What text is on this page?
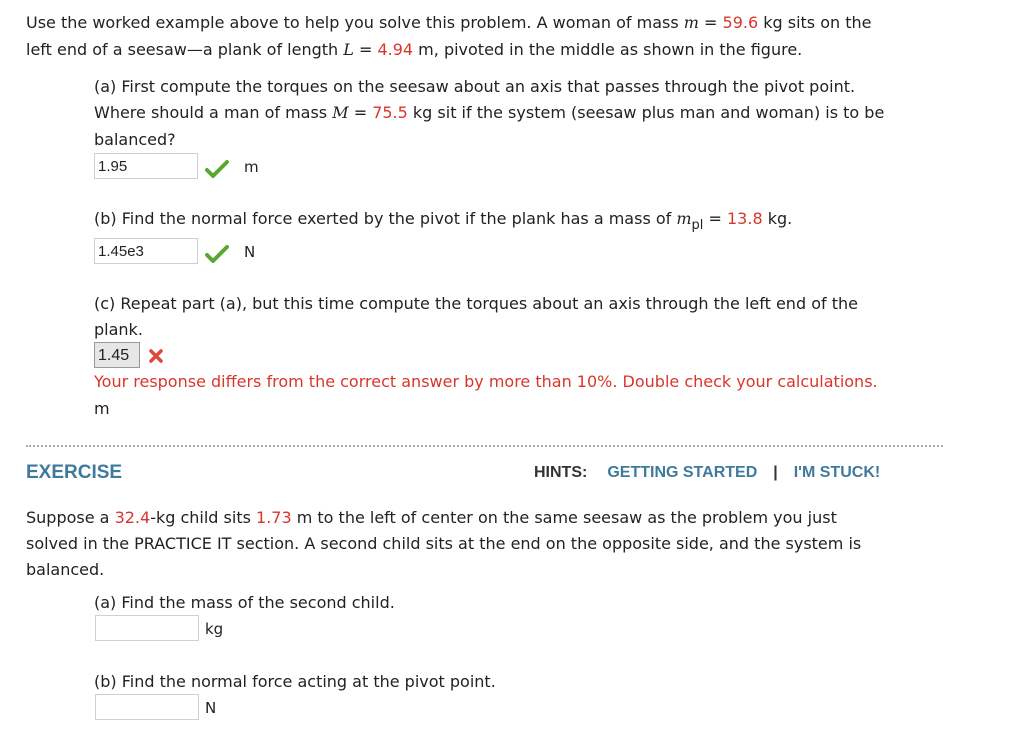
Use the worked example above to help you solve this problem. A woman of mass m = 59.6 kg sits on the
left end of a seesaw—a plank of length L = 4.94 m, pivoted in the middle as shown in the figure.
(a) First compute the torques on the seesaw about an axis that passes through the pivot point.
Where should a man of mass M = 75.5 kg sit if the system (seesaw plus man and woman) is to be
balanced?
1.95	m
(b) Find the normal force exerted by the pivot if the plank has a mass of $m_{pl} = 13.8$ kg.
1.45e3	N
(c) Repeat part (a), but this time compute the torques about an axis through the left end of the
plank.
1.45
Your response differs from the correct answer by more than 10%. Double check your calculations.
m
EXERCISE	HINTS: GETTING STARTED | I'M STUCK!
Suppose a 32.4-kg child sits 1.73 m to the left of center on the same seesaw as the problem you just
solved in the PRACTICE IT section. A second child sits at the end on the opposite side, and the system is
balanced.
(a) Find the mass of the second child.
kg
(b) Find the normal force acting at the pivot point.
N
